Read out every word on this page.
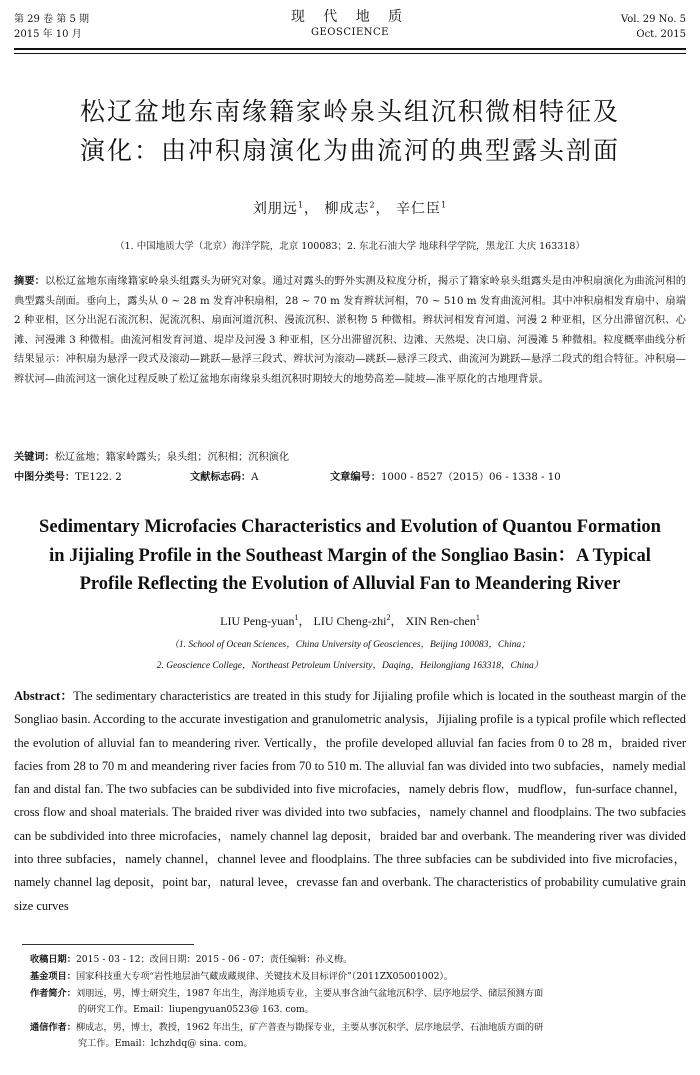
第 29 卷 第 5 期
2015 年 10 月
现 代 地 质
GEOSCIENCE
Vol. 29 No. 5
Oct. 2015
松辽盆地东南缘籍家岭泉头组沉积微相特征及
演化：由冲积扇演化为曲流河的典型露头剖面
刘朋远$^1$， 柳成志$^2$， 辛仁臣$^1$
（1. 中国地质大学（北京）海洋学院，北京 100083；2. 东北石油大学 地球科学学院，黑龙江 大庆 163318）
摘要：以松辽盆地东南缘籍家岭泉头组露头为研究对象。通过对露头的野外实测及粒度分析，揭示了籍家岭泉头组露头是由冲积扇演化为曲流河相的典型露头剖面。垂向上，露头从 0 ~ 28 m 发育冲积扇相，28 ~ 70 m 发育辫状河相，70 ~ 510 m 发育曲流河相。其中冲积扇相发育扇中、扇端 2 种亚相，区分出泥石流沉积、泥流沉积、扇面河道沉积、漫流沉积、淤积物 5 种微相。辫状河相发育河道、河漫 2 种亚相，区分出滞留沉积、心滩、河漫滩 3 种微相。曲流河相发育河道、堤岸及河漫 3 种亚相，区分出滞留沉积、边滩、天然堤、决口扇、河漫滩 5 种微相。粒度概率曲线分析结果显示：冲积扇为悬浮一段式及滚动—跳跃—悬浮三段式、辫状河为滚动—跳跃—悬浮三段式、曲流河为跳跃—悬浮二段式的组合特征。冲积扇—辫状河—曲流河这一演化过程反映了松辽盆地东南缘泉头组沉积时期较大的地势高差—陡坡—准平原化的古地理背景。
关键词：松辽盆地；籍家岭露头；泉头组；沉积相；沉积演化
中图分类号：TE122. 2	文献标志码：A	文章编号：1000 - 8527（2015）06 - 1338 - 10
Sedimentary Microfacies Characteristics and Evolution of Quantou Formation
in Jijialing Profile in the Southeast Margin of the Songliao Basin：A Typical
Profile Reflecting the Evolution of Alluvial Fan to Meandering River
LIU Peng-yuan$^1$， LIU Cheng-zhi$^2$， XIN Ren-chen$^1$
（1. School of Ocean Sciences，China University of Geosciences，Beijing 100083，China；
2. Geoscience College，Northeast Petroleum University，Daqing，Heilongjiang 163318，China）
Abstract：The sedimentary characteristics are treated in this study for Jijialing profile which is located in the southeast margin of the Songliao basin. According to the accurate investigation and granulometric analysis，Jijialing profile is a typical profile which reflected the evolution of alluvial fan to meandering river. Vertically，the profile developed alluvial fan facies from 0 to 28 m，braided river facies from 28 to 70 m and meandering river facies from 70 to 510 m. The alluvial fan was divided into two subfacies，namely medial fan and distal fan. The two subfacies can be subdivided into five microfacies，namely debris flow，mudflow，fun-surface channel，cross flow and shoal materials. The braided river was divided into two subfacies，namely channel and floodplains. The two subfacies can be subdivided into three microfacies，namely channel lag deposit，braided bar and overbank. The meandering river was divided into three subfacies，namely channel，channel levee and floodplains. The three subfacies can be subdivided into five microfacies，namely channel lag deposit，point bar，natural levee，crevasse fan and overbank. The characteristics of probability cumulative grain size curves
收稿日期：2015 - 03 - 12；改回日期：2015 - 06 - 07；责任编辑：孙义梅。
基金项目：国家科技重大专项“岩性地层油气藏成藏规律、关键技术及目标评价”（2011ZX05001002）。
作者简介：刘朋远，男，博士研究生，1987 年出生，海洋地质专业，主要从事含油气盆地沉积学、层序地层学、储层预测方面
的研究工作。Email：liupengyuan0523@ 163. com。
通信作者：柳成志，男，博士，教授，1962 年出生，矿产普查与勘探专业，主要从事沉积学、层序地层学、石油地质方面的研
究工作。Email：lchzhdq@ sina. com。
